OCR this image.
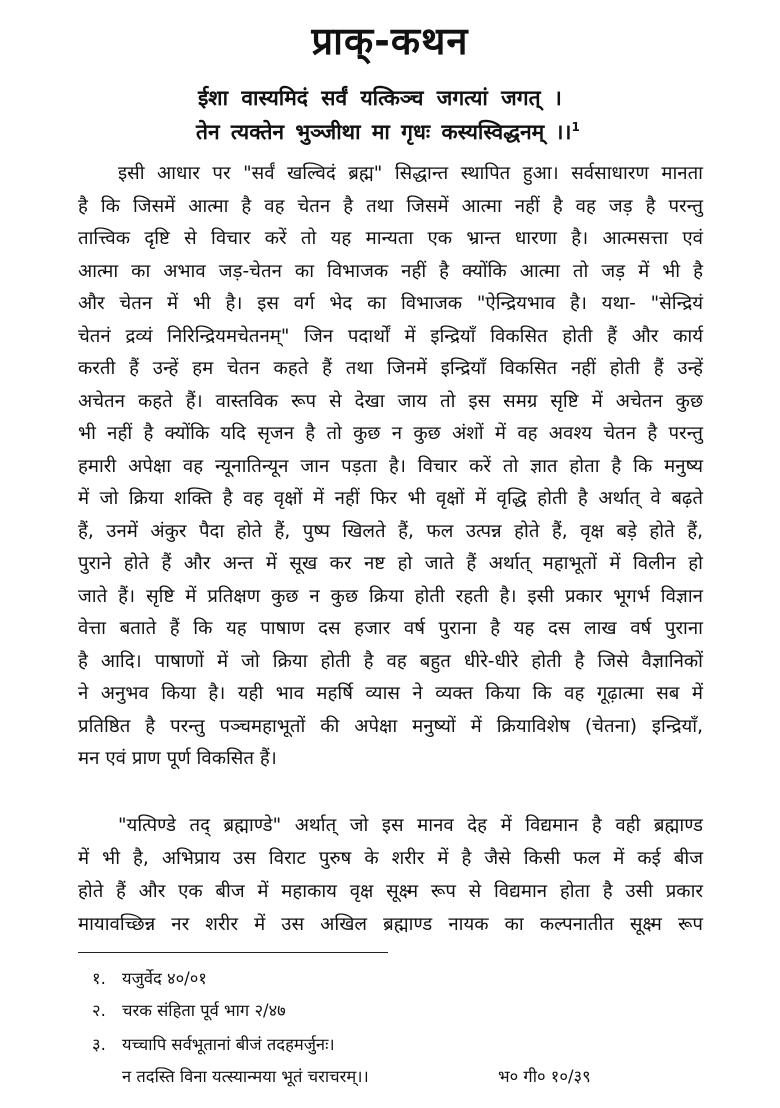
प्राक्-कथन
ईशा वास्यमिदं सर्वं यत्किञ्च जगत्यां जगत् ।
तेन त्यक्तेन भुञ्जीथा मा गृधः कस्यस्विद्धनम् ।।$^1$
इसी आधार पर "सर्वं खल्विदं ब्रह्म" सिद्धान्त स्थापित हुआ। सर्वसाधारण मानता
है कि जिसमें आत्मा है वह चेतन है तथा जिसमें आत्मा नहीं है वह जड़ है परन्तु
तात्त्विक दृष्टि से विचार करें तो यह मान्यता एक भ्रान्त धारणा है। आत्मसत्ता एवं
आत्मा का अभाव जड़-चेतन का विभाजक नहीं है क्योंकि आत्मा तो जड़ में भी है
और चेतन में भी है। इस वर्ग भेद का विभाजक "ऐन्द्रियभाव है। यथा- "सेन्द्रियं
चेतनं द्रव्यं निरिन्द्रियमचेतनम्" जिन पदार्थों में इन्द्रियाँ विकसित होती हैं और कार्य
करती हैं उन्हें हम चेतन कहते हैं तथा जिनमें इन्द्रियाँ विकसित नहीं होती हैं उन्हें
अचेतन कहते हैं। वास्तविक रूप से देखा जाय तो इस समग्र सृष्टि में अचेतन कुछ
भी नहीं है क्योंकि यदि सृजन है तो कुछ न कुछ अंशों में वह अवश्य चेतन है परन्तु
हमारी अपेक्षा वह न्यूनातिन्यून जान पड़ता है। विचार करें तो ज्ञात होता है कि मनुष्य
में जो क्रिया शक्ति है वह वृक्षों में नहीं फिर भी वृक्षों में वृद्धि होती है अर्थात् वे बढ़ते
हैं, उनमें अंकुर पैदा होते हैं, पुष्प खिलते हैं, फल उत्पन्न होते हैं, वृक्ष बड़े होते हैं,
पुराने होते हैं और अन्त में सूख कर नष्ट हो जाते हैं अर्थात् महाभूतों में विलीन हो
जाते हैं। सृष्टि में प्रतिक्षण कुछ न कुछ क्रिया होती रहती है। इसी प्रकार भूगर्भ विज्ञान
वेत्ता बताते हैं कि यह पाषाण दस हजार वर्ष पुराना है यह दस लाख वर्ष पुराना
है आदि। पाषाणों में जो क्रिया होती है वह बहुत धीरे-धीरे होती है जिसे वैज्ञानिकों
ने अनुभव किया है। यही भाव महर्षि व्यास ने व्यक्त किया कि वह गूढ़ात्मा सब में
प्रतिष्ठित है परन्तु पञ्चमहाभूतों की अपेक्षा मनुष्यों में क्रियाविशेष (चेतना) इन्द्रियाँ,
मन एवं प्राण पूर्ण विकसित हैं।
"यत्पिण्डे तद् ब्रह्माण्डे" अर्थात् जो इस मानव देह में विद्यमान है वही ब्रह्माण्ड
में भी है, अभिप्राय उस विराट पुरुष के शरीर में है जैसे किसी फल में कई बीज
होते हैं और एक बीज में महाकाय वृक्ष सूक्ष्म रूप से विद्यमान होता है उसी प्रकार
मायावच्छिन्न नर शरीर में उस अखिल ब्रह्माण्ड नायक का कल्पनातीत सूक्ष्म रूप
१. यजुर्वेद ४०/०१
२. चरक संहिता पूर्व भाग २/४७
३. यच्चापि सर्वभूतानां बीजं तदहमर्जुनः।
न तदस्ति विना यत्स्यान्मया भूतं चराचरम्।।	भ० गी० १०/३९
